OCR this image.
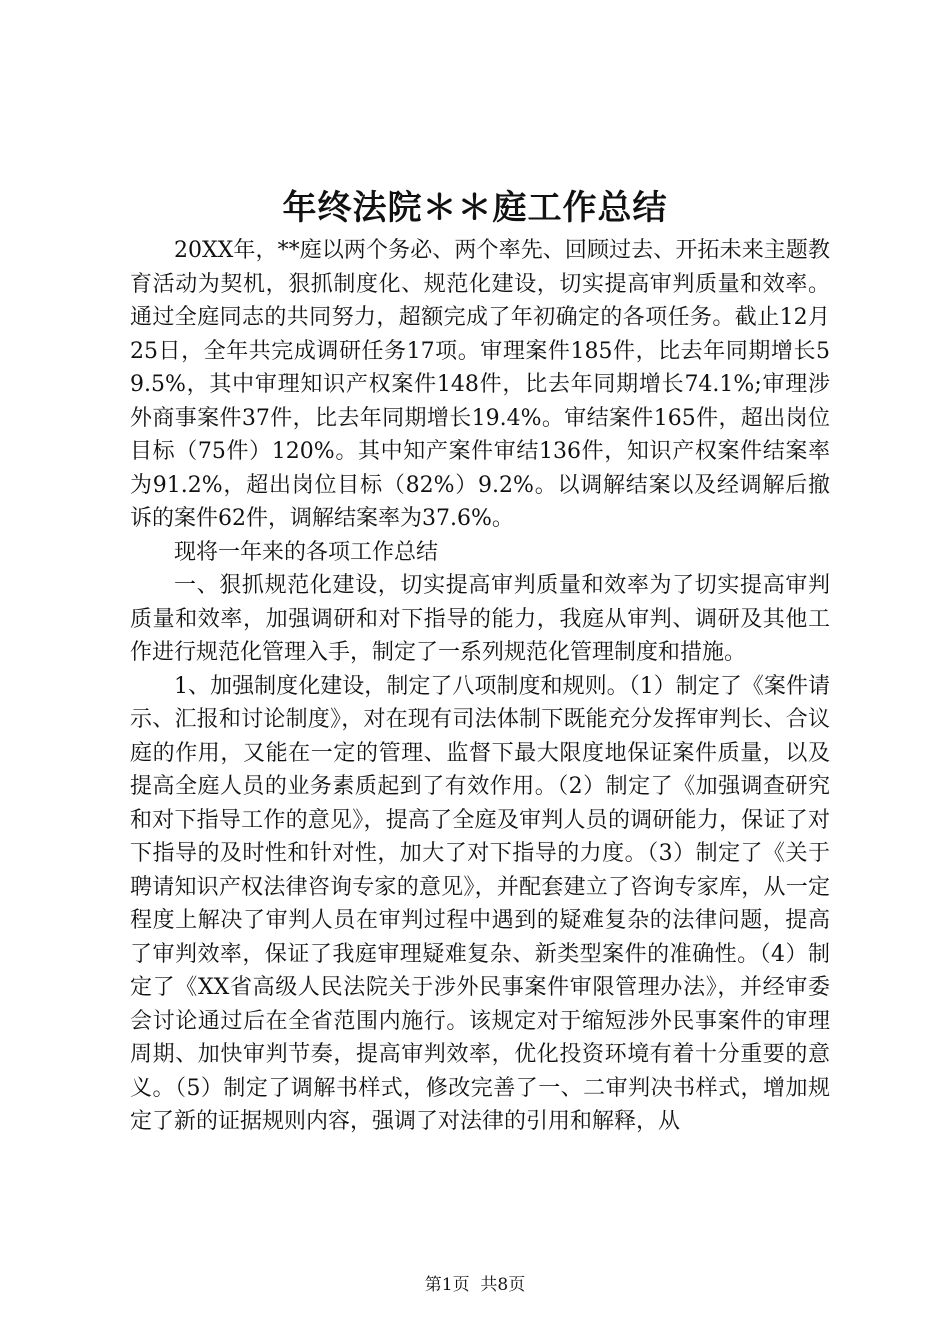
年终法院＊＊庭工作总结

20XX年，**庭以两个务必、两个率先、回顾过去、开拓未来主题教育活动为契机，狠抓制度化、规范化建设，切实提高审判质量和效率。通过全庭同志的共同努力，超额完成了年初确定的各项任务。截止12月25日，全年共完成调研任务17项。审理案件185件，比去年同期增长59.5%，其中审理知识产权案件148件，比去年同期增长74.1%;审理涉外商事案件37件，比去年同期增长19.4%。审结案件165件，超出岗位目标（75件）120%。其中知产案件审结136件，知识产权案件结案率为91.2%，超出岗位目标（82%）9.2%。以调解结案以及经调解后撤诉的案件62件，调解结案率为37.6%。

现将一年来的各项工作总结

一、狠抓规范化建设，切实提高审判质量和效率为了切实提高审判质量和效率，加强调研和对下指导的能力，我庭从审判、调研及其他工作进行规范化管理入手，制定了一系列规范化管理制度和措施。

1、加强制度化建设，制定了八项制度和规则。（1）制定了《案件请示、汇报和讨论制度》，对在现有司法体制下既能充分发挥审判长、合议庭的作用，又能在一定的管理、监督下最大限度地保证案件质量，以及提高全庭人员的业务素质起到了有效作用。（2）制定了《加强调查研究和对下指导工作的意见》，提高了全庭及审判人员的调研能力，保证了对下指导的及时性和针对性，加大了对下指导的力度。（3）制定了《关于聘请知识产权法律咨询专家的意见》，并配套建立了咨询专家库，从一定程度上解决了审判人员在审判过程中遇到的疑难复杂的法律问题，提高了审判效率，保证了我庭审理疑难复杂、新类型案件的准确性。（4）制定了《XX省高级人民法院关于涉外民事案件审限管理办法》，并经审委会讨论通过后在全省范围内施行。该规定对于缩短涉外民事案件的审理周期、加快审判节奏，提高审判效率，优化投资环境有着十分重要的意义。（5）制定了调解书样式，修改完善了一、二审判决书样式，增加规定了新的证据规则内容，强调了对法律的引用和解释，从

第1页  共8页
